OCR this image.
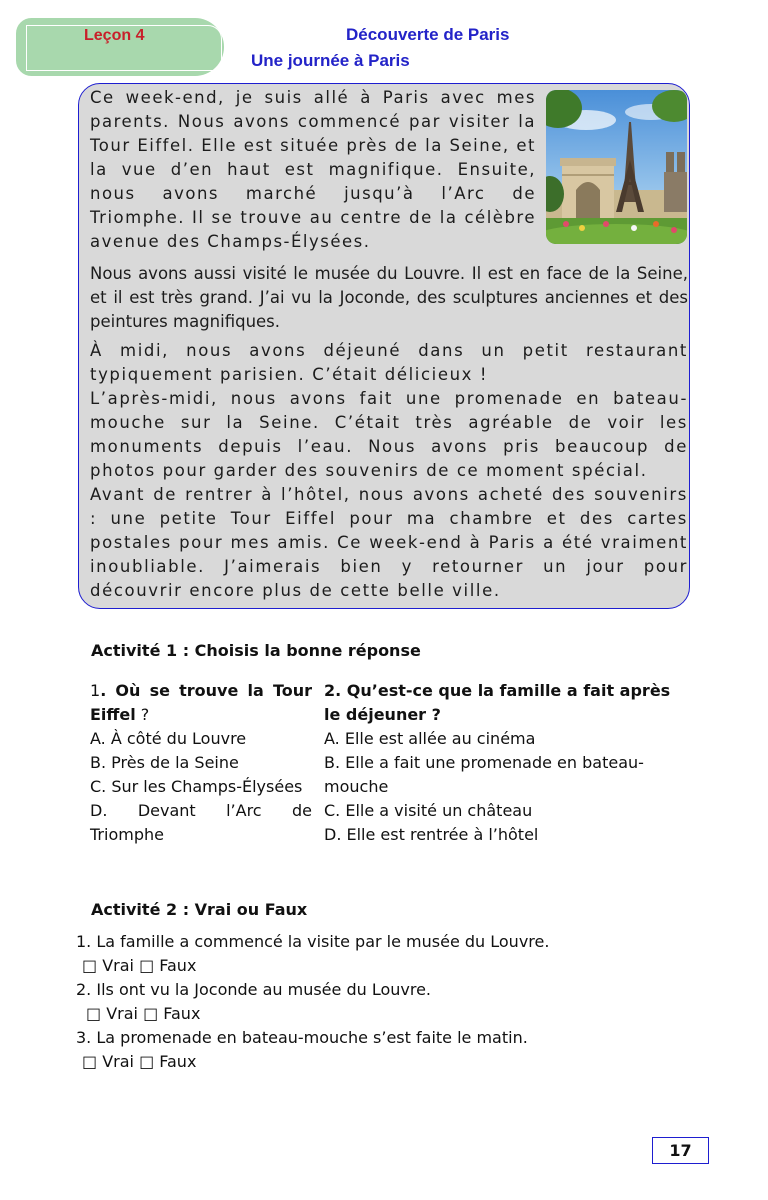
Leçon 4	Découverte de Paris
Une journée à Paris

Ce week-end, je suis allé à Paris avec mes parents. Nous avons commencé par visiter la Tour Eiffel. Elle est située près de la Seine, et la vue d’en haut est magnifique. Ensuite, nous avons marché jusqu’à l’Arc de Triomphe. Il se trouve au centre de la célèbre avenue des Champs-Élysées.

Nous avons aussi visité le musée du Louvre. Il est en face de la Seine, et il est très grand. J’ai vu la Joconde, des sculptures anciennes et des peintures magnifiques.

À midi, nous avons déjeuné dans un petit restaurant typiquement parisien. C’était délicieux !

L’après-midi, nous avons fait une promenade en bateau-mouche sur la Seine. C’était très agréable de voir les monuments depuis l’eau. Nous avons pris beaucoup de photos pour garder des souvenirs de ce moment spécial.

Avant de rentrer à l’hôtel, nous avons acheté des souvenirs : une petite Tour Eiffel pour ma chambre et des cartes postales pour mes amis. Ce week-end à Paris a été vraiment inoubliable. J’aimerais bien y retourner un jour pour découvrir encore plus de cette belle ville.

Activité 1 : Choisis la bonne réponse
1. Où se trouve la Tour Eiffel ?
A. À côté du Louvre
B. Près de la Seine
C. Sur les Champs-Élysées
D. Devant l’Arc de Triomphe
2. Qu’est-ce que la famille a fait après le déjeuner ?
A. Elle est allée au cinéma
B. Elle a fait une promenade en bateau-mouche
C. Elle a visité un château
D. Elle est rentrée à l’hôtel
Activité 2 : Vrai ou Faux
1. La famille a commencé la visite par le musée du Louvre.
□ Vrai □ Faux
2. Ils ont vu la Joconde au musée du Louvre.
□ Vrai □ Faux
3. La promenade en bateau-mouche s’est faite le matin.
□ Vrai □ Faux
17
